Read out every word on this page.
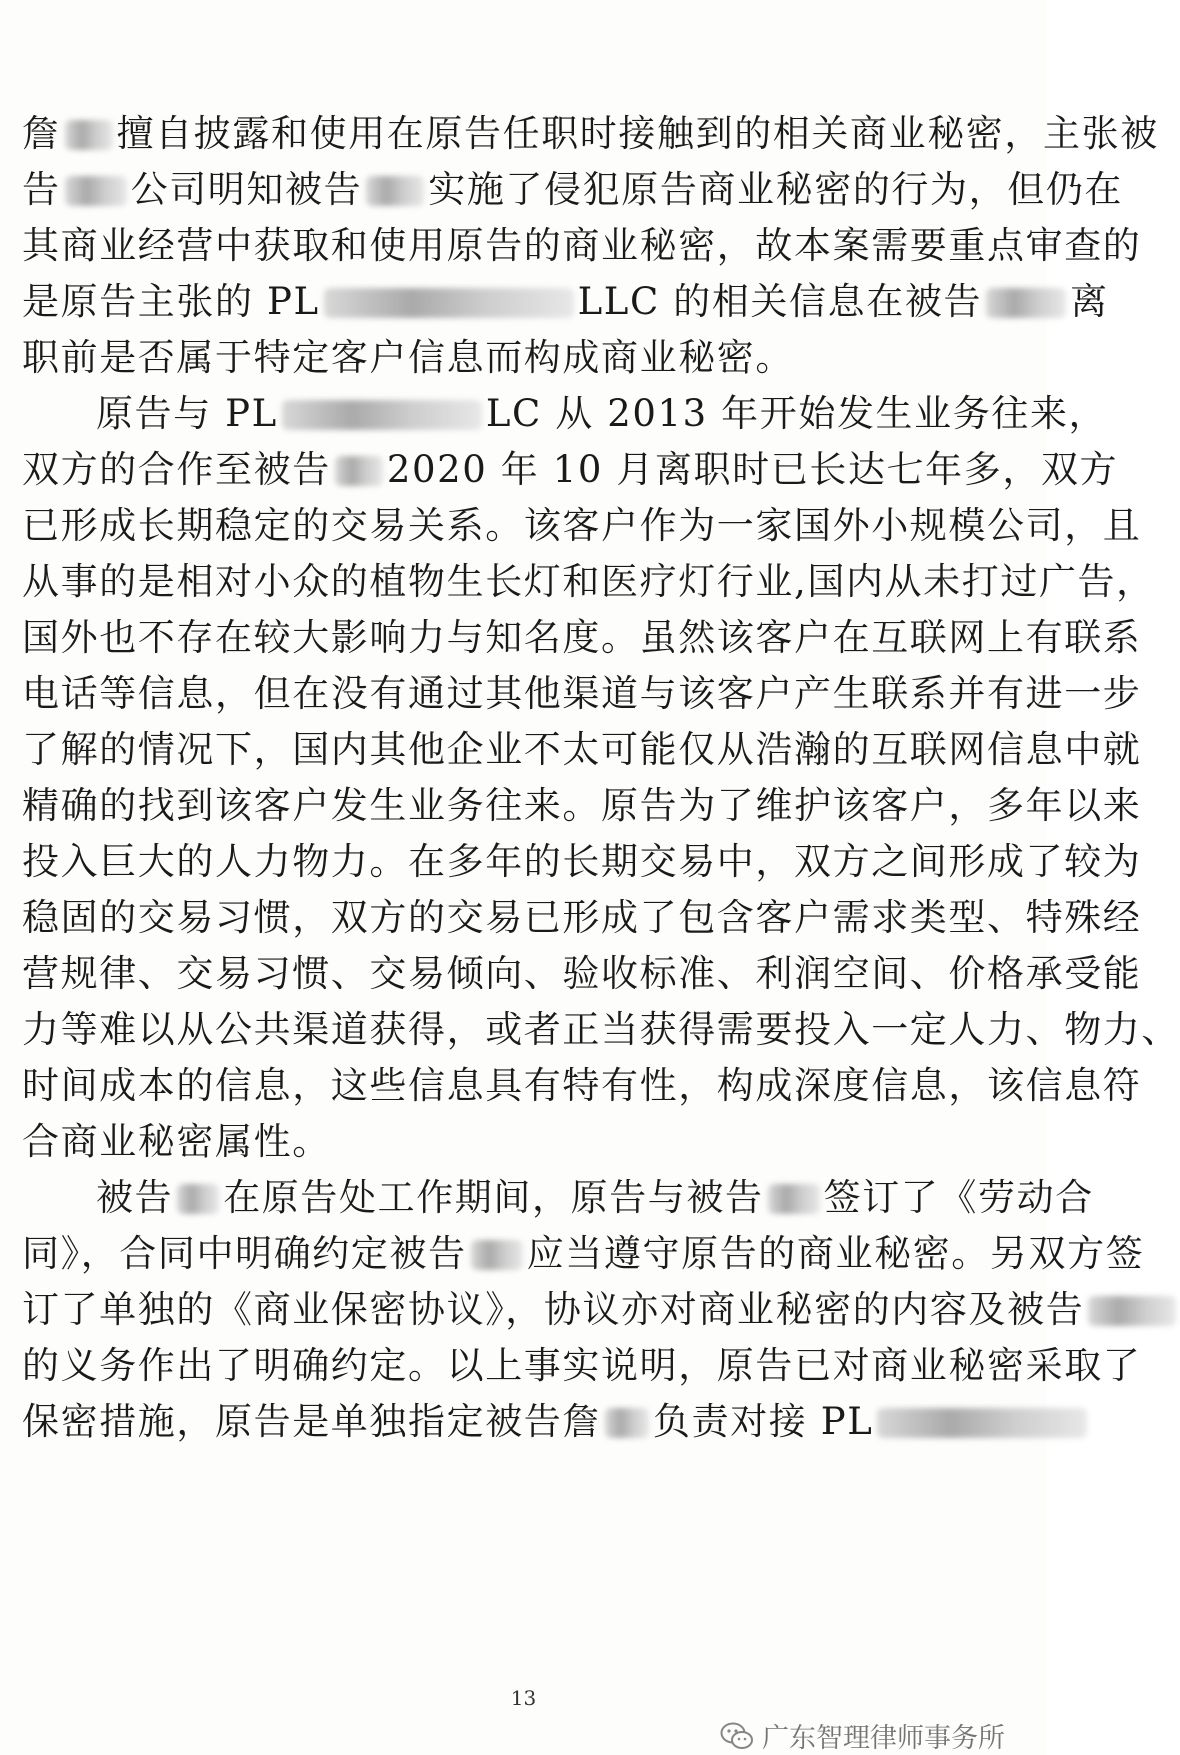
詹 擅自披露和使用在原告任职时接触到的相关商业秘密，主张被
告 公司明知被告 实施了侵犯原告商业秘密的行为，但仍在
其商业经营中获取和使用原告的商业秘密，故本案需要重点审查的
是原告主张的 PL	LLC 的相关信息在被告 离
职前是否属于特定客户信息而构成商业秘密。
原告与 PL	LC 从 2013 年开始发生业务往来，
双方的合作至被告 2020 年 10 月离职时已长达七年多，双方
已形成长期稳定的交易关系。该客户作为一家国外小规模公司，且
从事的是相对小众的植物生长灯和医疗灯行业,国内从未打过广告，
国外也不存在较大影响力与知名度。虽然该客户在互联网上有联系
电话等信息，但在没有通过其他渠道与该客户产生联系并有进一步
了解的情况下，国内其他企业不太可能仅从浩瀚的互联网信息中就
精确的找到该客户发生业务往来。原告为了维护该客户，多年以来
投入巨大的人力物力。在多年的长期交易中，双方之间形成了较为
稳固的交易习惯，双方的交易已形成了包含客户需求类型、特殊经
营规律、交易习惯、交易倾向、验收标准、利润空间、价格承受能
力等难以从公共渠道获得，或者正当获得需要投入一定人力、物力、
时间成本的信息，这些信息具有特有性，构成深度信息，该信息符
合商业秘密属性。
被告 在原告处工作期间，原告与被告 签订了《劳动合
同》，合同中明确约定被告 应当遵守原告的商业秘密。另双方签
订了单独的《商业保密协议》，协议亦对商业秘密的内容及被告
的义务作出了明确约定。以上事实说明，原告已对商业秘密采取了
保密措施，原告是单独指定被告詹 负责对接 PL
13
广东智理律师事务所
